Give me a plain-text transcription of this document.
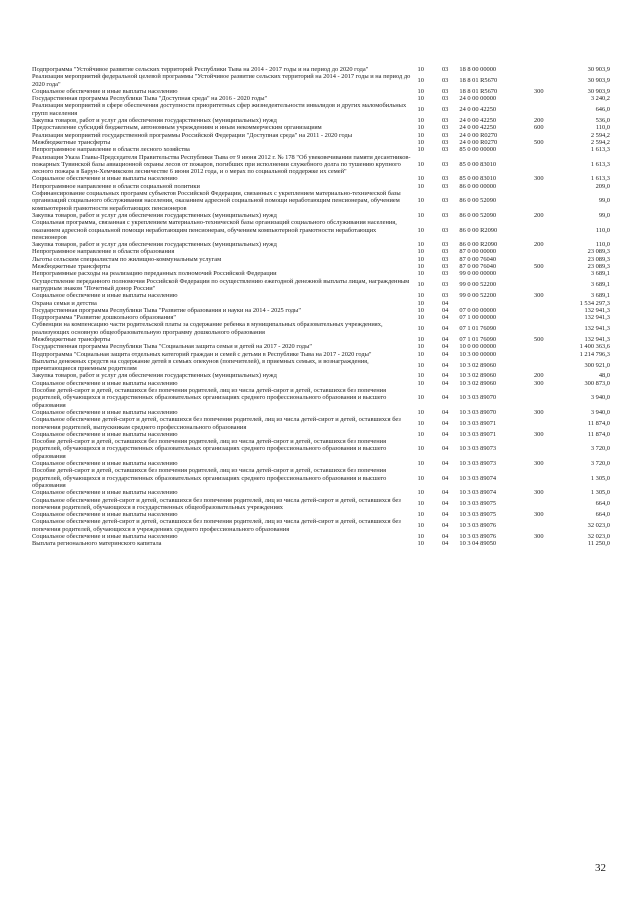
Подпрограмма "Устойчивое развитие сельских территорий Республики Тыва на 2014 - 2017 годы и на период до 2020 года"	10	03	18 8 00 00000		30 903,9
Реализация мероприятий федеральной целевой программы "Устойчивое развитие сельских территорий на 2014 - 2017 годы и на период до 2020 года"	10	03	18 8 01 R5670		30 903,9
Социальное обеспечение и иные выплаты населению	10	03	18 8 01 R5670	300	30 903,9
Государственная программа Республики Тыва "Доступная среда" на 2016 - 2020 годы"	10	03	24 0 00 00000		3 240,2
Реализация мероприятий в сфере обеспечения доступности приоритетных сфер жизнедеятельности инвалидов и других маломобильных групп населения	10	03	24 0 00 42250		646,0
Закупка товаров, работ и услуг для обеспечения государственных (муниципальных) нужд	10	03	24 0 00 42250	200	536,0
Предоставление субсидий бюджетным, автономным учреждениям и иным некоммерческим организациям	10	03	24 0 00 42250	600	110,0
Реализация мероприятий государственной программы Российской Федерации "Доступная среда" на 2011 - 2020 годы	10	03	24 0 00 R0270		2 594,2
Межбюджетные трансферты	10	03	24 0 00 R0270	500	2 594,2
Непрограммное направление в области лесного хозяйства	10	03	85 0 00 00000		1 613,3
Реализация Указа Главы-Председателя Правительства Республики Тыва от 9 июня 2012 г. № 178 "Об увековечивании памяти десантников-пожарных Тувинской базы авиационной охраны лесов от пожаров, погибших при исполнении служебного долга по тушению крупного лесного пожара в Барун-Хемчикском лесничестве 6 июня 2012 года, и о мерах по социальной поддержке их семей"	10	03	85 0 00 83010		1 613,3
Социальное обеспечение и иные выплаты населению	10	03	85 0 00 83010	300	1 613,3
Непрограммное направление в области социальной политики	10	03	86 0 00 00000		209,0
Софинансирование социальных программ субъектов Российской Федерации, связанных с укреплением материально-технической базы организаций социального обслуживания населения, оказанием адресной социальной помощи неработающим пенсионерам, обучением компьютерной грамотности неработающих пенсионеров	10	03	86 0 00 52090		99,0
Закупка товаров, работ и услуг для обеспечения государственных (муниципальных) нужд	10	03	86 0 00 52090	200	99,0
Социальная программа, связанная с укреплением материально-технической базы организаций социального обслуживания населения, оказанием адресной социальной помощи неработающим пенсионерам, обучением компьютерной грамотности неработающих пенсионеров	10	03	86 0 00 R2090		110,0
Закупка товаров, работ и услуг для обеспечения государственных (муниципальных) нужд	10	03	86 0 00 R2090	200	110,0
Непрограммное направление в области образования	10	03	87 0 00 00000		23 089,3
Льготы сельским специалистам по жилищно-коммунальным услугам	10	03	87 0 00 76040		23 089,3
Межбюджетные трансферты	10	03	87 0 00 76040	500	23 089,3
Непрограммные расходы на реализацию переданных полномочий Российской Федерации	10	03	99 0 00 00000		3 689,1
Осуществление переданного полномочия Российской Федерации по осуществлению ежегодной денежной выплаты лицам, награжденным нагрудным знаком "Почетный донор России"	10	03	99 0 00 52200		3 689,1
Социальное обеспечение и иные выплаты населению	10	03	99 0 00 52200	300	3 689,1
Охрана семьи и детства	10	04			1 534 297,3
Государственная программа Республики Тыва "Развитие образования и науки на 2014 - 2025 годы"	10	04	07 0 00 00000		132 941,3
Подпрограмма "Развитие дошкольного образования"	10	04	07 1 00 00000		132 941,3
Субвенции на компенсацию части родительской платы за содержание ребенка в муниципальных образовательных учреждениях, реализующих основную общеобразовательную программу дошкольного образования	10	04	07 1 01 76090		132 941,3
Межбюджетные трансферты	10	04	07 1 01 76090	500	132 941,3
Государственная программа Республики Тыва "Социальная защита семьи и детей на 2017 - 2020 годы"	10	04	10 0 00 00000		1 400 363,6
Подпрограмма "Социальная защита отдельных категорий граждан и семей с детьми в Республике Тыва на 2017 - 2020 годы"	10	04	10 3 00 00000		1 214 796,3
Выплаты денежных средств на содержание детей в семьях опекунов (попечителей), в приемных семьях, и вознаграждения, причитающиеся приемным родителям	10	04	10 3 02 89060		300 921,0
Закупка товаров, работ и услуг для обеспечения государственных (муниципальных) нужд	10	04	10 3 02 89060	200	48,0
Социальное обеспечение и иные выплаты населению	10	04	10 3 02 89060	300	300 873,0
Пособие детей-сирот и детей, оставшихся без попечения родителей, лиц из числа детей-сирот и детей, оставшихся без попечения родителей, обучающихся в государственных образовательных организациях среднего профессионального образования и высшего образования	10	04	10 3 03 89070		3 940,0
Социальное обеспечение и иные выплаты населению	10	04	10 3 03 89070	300	3 940,0
Социальное обеспечение детей-сирот и детей, оставшихся без попечения родителей, лиц из числа детей-сирот и детей, оставшихся без попечения родителей, выпускникам среднего профессионального образования	10	04	10 3 03 89071		11 874,0
Социальное обеспечение и иные выплаты населению	10	04	10 3 03 89071	300	11 874,0
Пособие детей-сирот и детей, оставшихся без попечения родителей, лиц из числа детей-сирот и детей, оставшихся без попечения родителей, обучающихся в государственных образовательных организациях среднего профессионального образования и высшего образования	10	04	10 3 03 89073		3 720,0
Социальное обеспечение и иные выплаты населению	10	04	10 3 03 89073	300	3 720,0
Пособие детей-сирот и детей, оставшихся без попечения родителей, лиц из числа детей-сирот и детей, оставшихся без попечения родителей, обучающихся в государственных образовательных организациях среднего профессионального образования и высшего образования	10	04	10 3 03 89074		1 305,0
Социальное обеспечение и иные выплаты населению	10	04	10 3 03 89074	300	1 305,0
Социальное обеспечение детей-сирот и детей, оставшихся без попечения родителей, лиц из числа детей-сирот и детей, оставшихся без попечения родителей, обучающихся в государственных общеобразовательных учреждениях	10	04	10 3 03 89075		664,0
Социальное обеспечение и иные выплаты населению	10	04	10 3 03 89075	300	664,0
Социальное обеспечение детей-сирот и детей, оставшихся без попечения родителей, лиц из числа детей-сирот и детей, оставшихся без попечения родителей, обучающихся в учреждениях среднего профессионального образования	10	04	10 3 03 89076		32 023,0
Социальное обеспечение и иные выплаты населению	10	04	10 3 03 89076	300	32 023,0
Выплата регионального материнского капитала	10	04	10 3 04 89050		11 250,0
32
